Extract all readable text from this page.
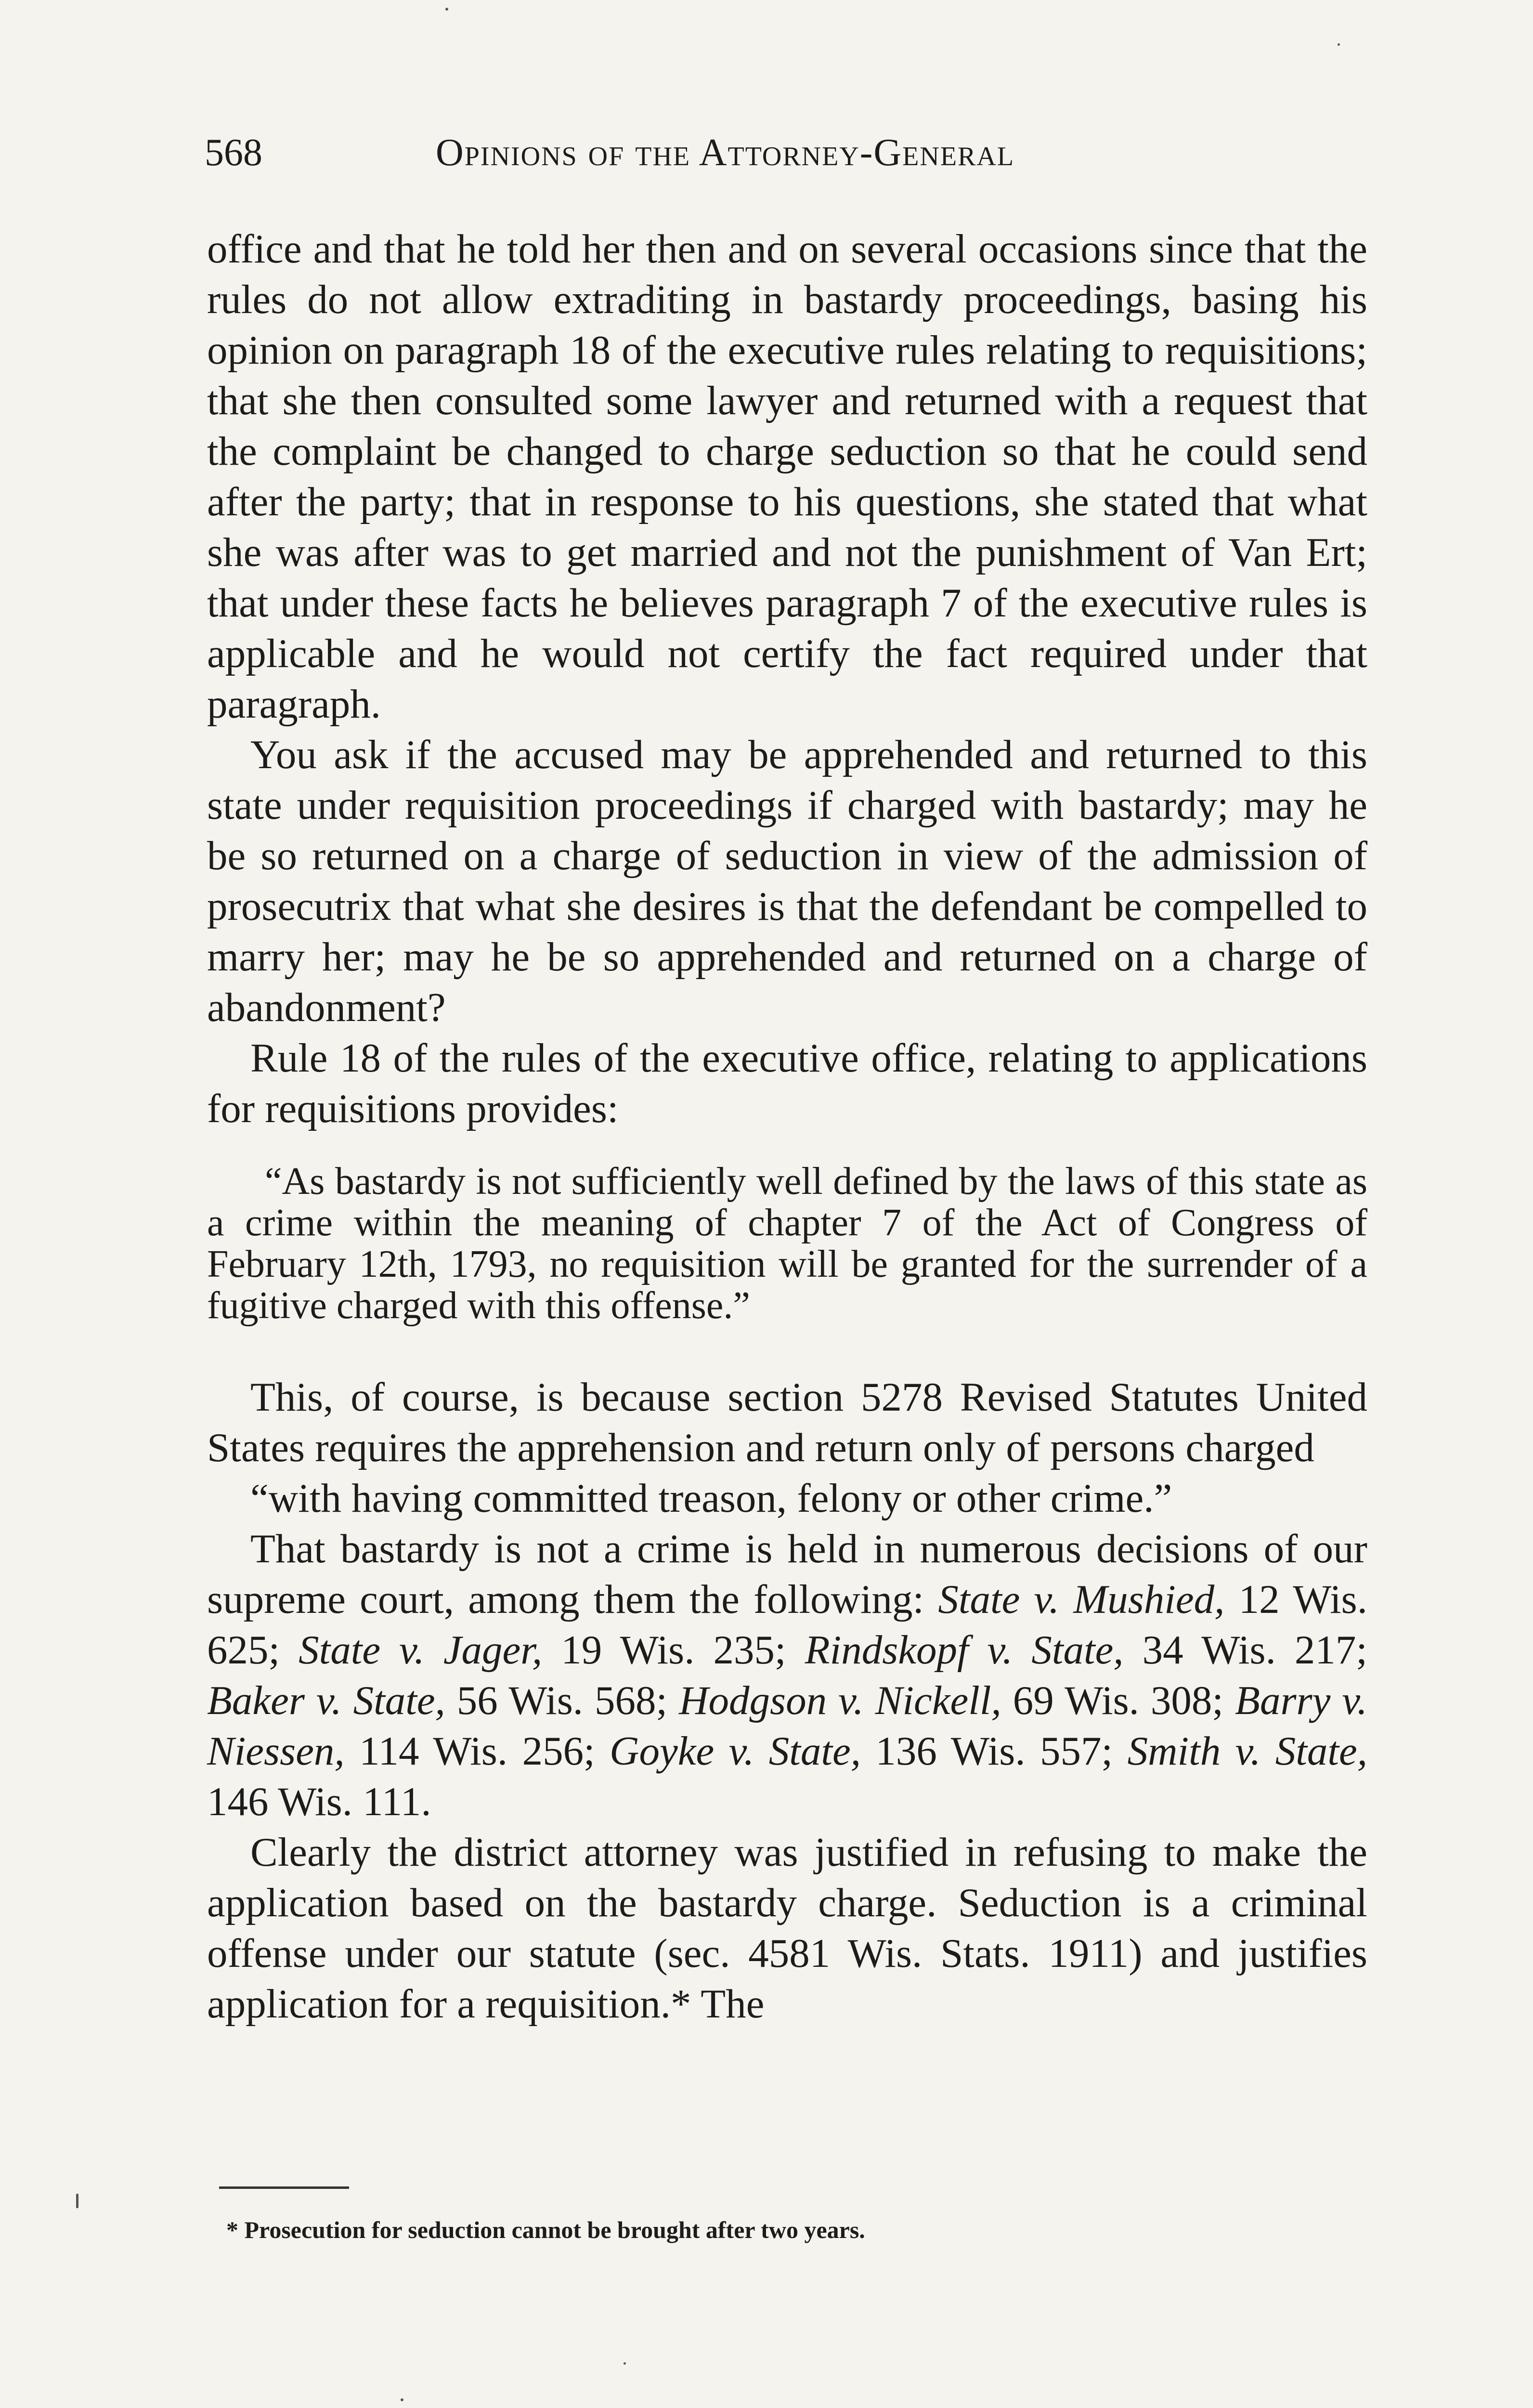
568	Opinions of the Attorney-General

office and that he told her then and on several occasions since that the rules do not allow extraditing in bastardy proceedings, basing his opinion on paragraph 18 of the executive rules relating to requisitions; that she then consulted some lawyer and returned with a request that the complaint be changed to charge seduction so that he could send after the party; that in response to his questions, she stated that what she was after was to get married and not the punishment of Van Ert; that under these facts he believes paragraph 7 of the executive rules is applicable and he would not certify the fact required under that paragraph.

You ask if the accused may be apprehended and returned to this state under requisition proceedings if charged with bastardy; may he be so returned on a charge of seduction in view of the admission of prosecutrix that what she desires is that the defendant be compelled to marry her; may he be so apprehended and returned on a charge of abandonment?

Rule 18 of the rules of the executive office, relating to applications for requisitions provides:

“As bastardy is not sufficiently well defined by the laws of this state as a crime within the meaning of chapter 7 of the Act of Congress of February 12th, 1793, no requisition will be granted for the surrender of a fugitive charged with this offense.”

This, of course, is because section 5278 Revised Statutes United States requires the apprehension and return only of persons charged

“with having committed treason, felony or other crime.”

That bastardy is not a crime is held in numerous decisions of our supreme court, among them the following: State v. Mushied, 12 Wis. 625; State v. Jager, 19 Wis. 235; Rindskopf v. State, 34 Wis. 217; Baker v. State, 56 Wis. 568; Hodgson v. Nickell, 69 Wis. 308; Barry v. Niessen, 114 Wis. 256; Goyke v. State, 136 Wis. 557; Smith v. State, 146 Wis. 111.

Clearly the district attorney was justified in refusing to make the application based on the bastardy charge. Seduction is a criminal offense under our statute (sec. 4581 Wis. Stats. 1911) and justifies application for a requisition.* The

* Prosecution for seduction cannot be brought after two years.
